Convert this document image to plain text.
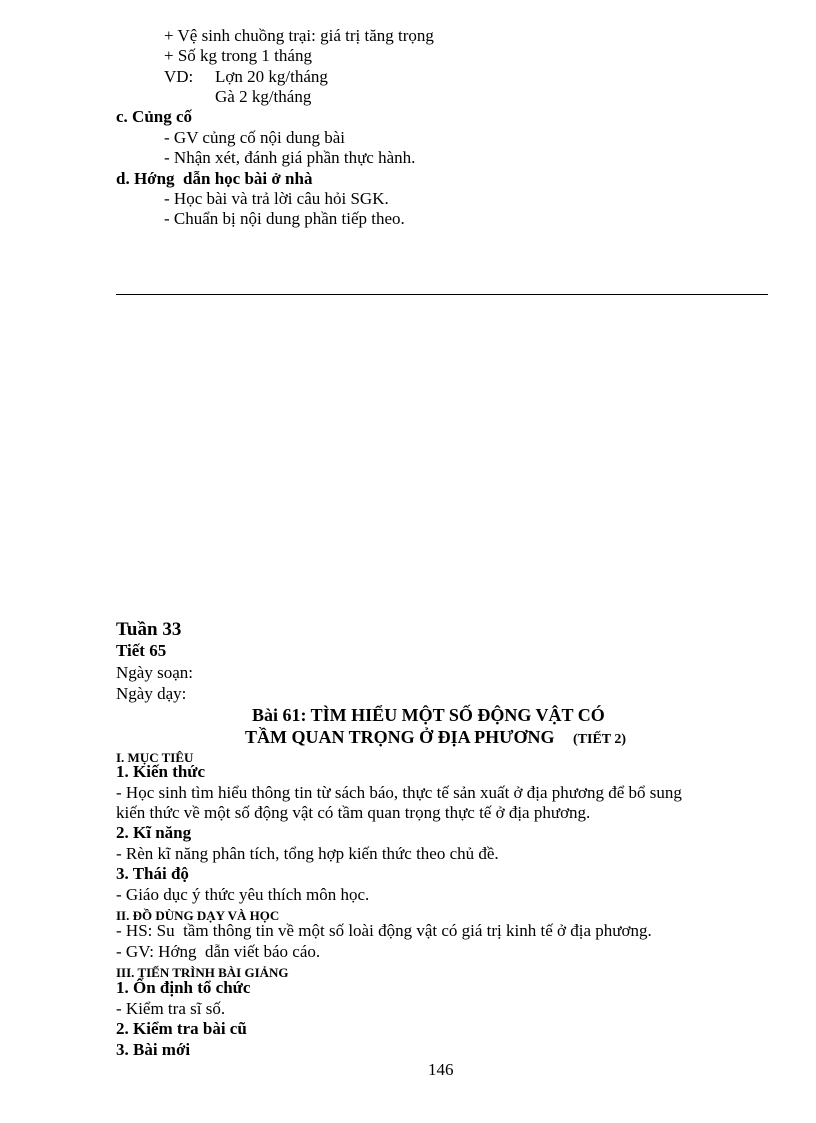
+ Vệ sinh chuồng trại: giá trị tăng trọng
+ Số kg trong 1 tháng
VD: Lợn 20 kg/tháng
Gà 2 kg/tháng
c. Củng cố
- GV củng cố nội dung bài
- Nhận xét, đánh giá phần thực hành.
d. Hớng  dẫn học bài ở nhà
- Học bài và trả lời câu hỏi SGK.
- Chuẩn bị nội dung phần tiếp theo.
Tuần 33
Tiết 65
Ngày soạn:
Ngày dạy:
Bài 61: TÌM HIỂU MỘT SỐ ĐỘNG VẬT CÓ
TẦM QUAN TRỌNG Ở ĐỊA PHƯƠNG (TIẾT 2)
I. MỤC TIÊU
1. Kiến thức
- Học sinh tìm hiểu thông tin từ sách báo, thực tế sản xuất ở địa phương để bổ sung
kiến thức về một số động vật có tầm quan trọng thực tế ở địa phương.
2. Kĩ năng
- Rèn kĩ năng phân tích, tổng hợp kiến thức theo chủ đề.
3. Thái độ
- Giáo dục ý thức yêu thích môn học.
II. ĐỒ DÙNG DẠY VÀ HỌC
- HS: Su  tầm thông tin về một số loài động vật có giá trị kinh tế ở địa phương.
- GV: Hớng  dẫn viết báo cáo.
III. TIẾN TRÌNH BÀI GIẢNG
1. Ổn định tổ chức
- Kiểm tra sĩ số.
2. Kiểm tra bài cũ
3. Bài mới
146
